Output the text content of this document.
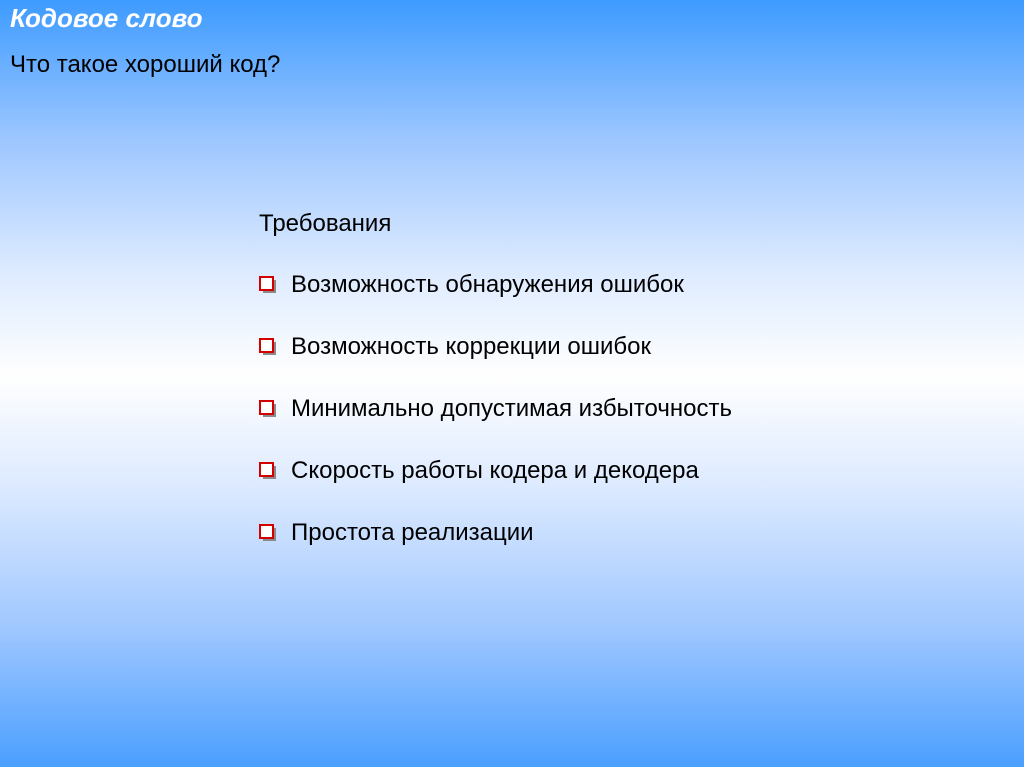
Кодовое слово
Что такое хороший код?
Требования
Возможность обнаружения ошибок
Возможность коррекции ошибок
Минимально допустимая избыточность
Скорость работы кодера и декодера
Простота реализации
